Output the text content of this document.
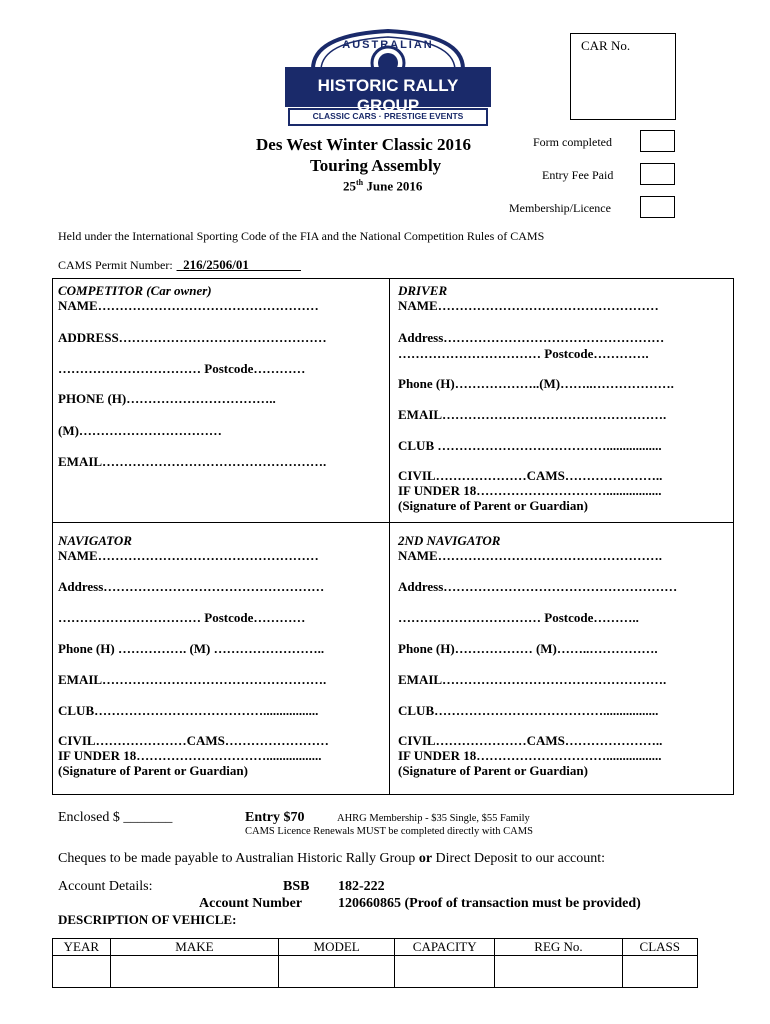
AUSTRALIAN
HISTORIC RALLY GROUP
CLASSIC CARS · PRESTIGE EVENTS
CAR No.
Des West Winter Classic 2016
Touring Assembly
25th June 2016
Form completed
Entry Fee Paid
Membership/Licence
Held under the International Sporting Code of the FIA and the National Competition Rules of CAMS
CAMS Permit Number: _216/2506/01________
COMPETITOR (Car owner)
NAME……………………………………………
ADDRESS…………………………………………
…………………………… Postcode…………
PHONE (H)……………………………..
(M)……………………………
EMAIL…………………………………………….
DRIVER
NAME……………………………………………
Address……………………………………………
…………………………… Postcode………….
Phone (H)………………..(M)……..……………….
EMAIL…………………………………………….
CLUB ………………………………….................
CIVIL…………………CAMS…………………..
IF UNDER 18………………………….................
(Signature of Parent or Guardian)
NAVIGATOR
NAME……………………………………………
Address……………………………………………
…………………………… Postcode…………
Phone (H) ……………. (M) ……………………..
EMAIL…………………………………………….
CLUB………………………………….................
CIVIL…………………CAMS……………………
IF UNDER 18………………………….................
(Signature of Parent or Guardian)
2ND NAVIGATOR
NAME…………………………………………….
Address………………………………………………
…………………………… Postcode………..
Phone (H)……………… (M)……..…………….
EMAIL…………………………………………….
CLUB………………………………….................
CIVIL…………………CAMS…………………..
IF UNDER 18………………………….................
(Signature of Parent or Guardian)
Enclosed $ _______	Entry $70	AHRG Membership - $35 Single, $55 Family
CAMS Licence Renewals MUST be completed directly with CAMS
Cheques to be made payable to Australian Historic Rally Group or Direct Deposit to our account:
Account Details:	BSB 182-222
Account Number	120660865 (Proof of transaction must be provided)
DESCRIPTION OF VEHICLE:
YEAR	MAKE	MODEL	CAPACITY	REG No.	CLASS
